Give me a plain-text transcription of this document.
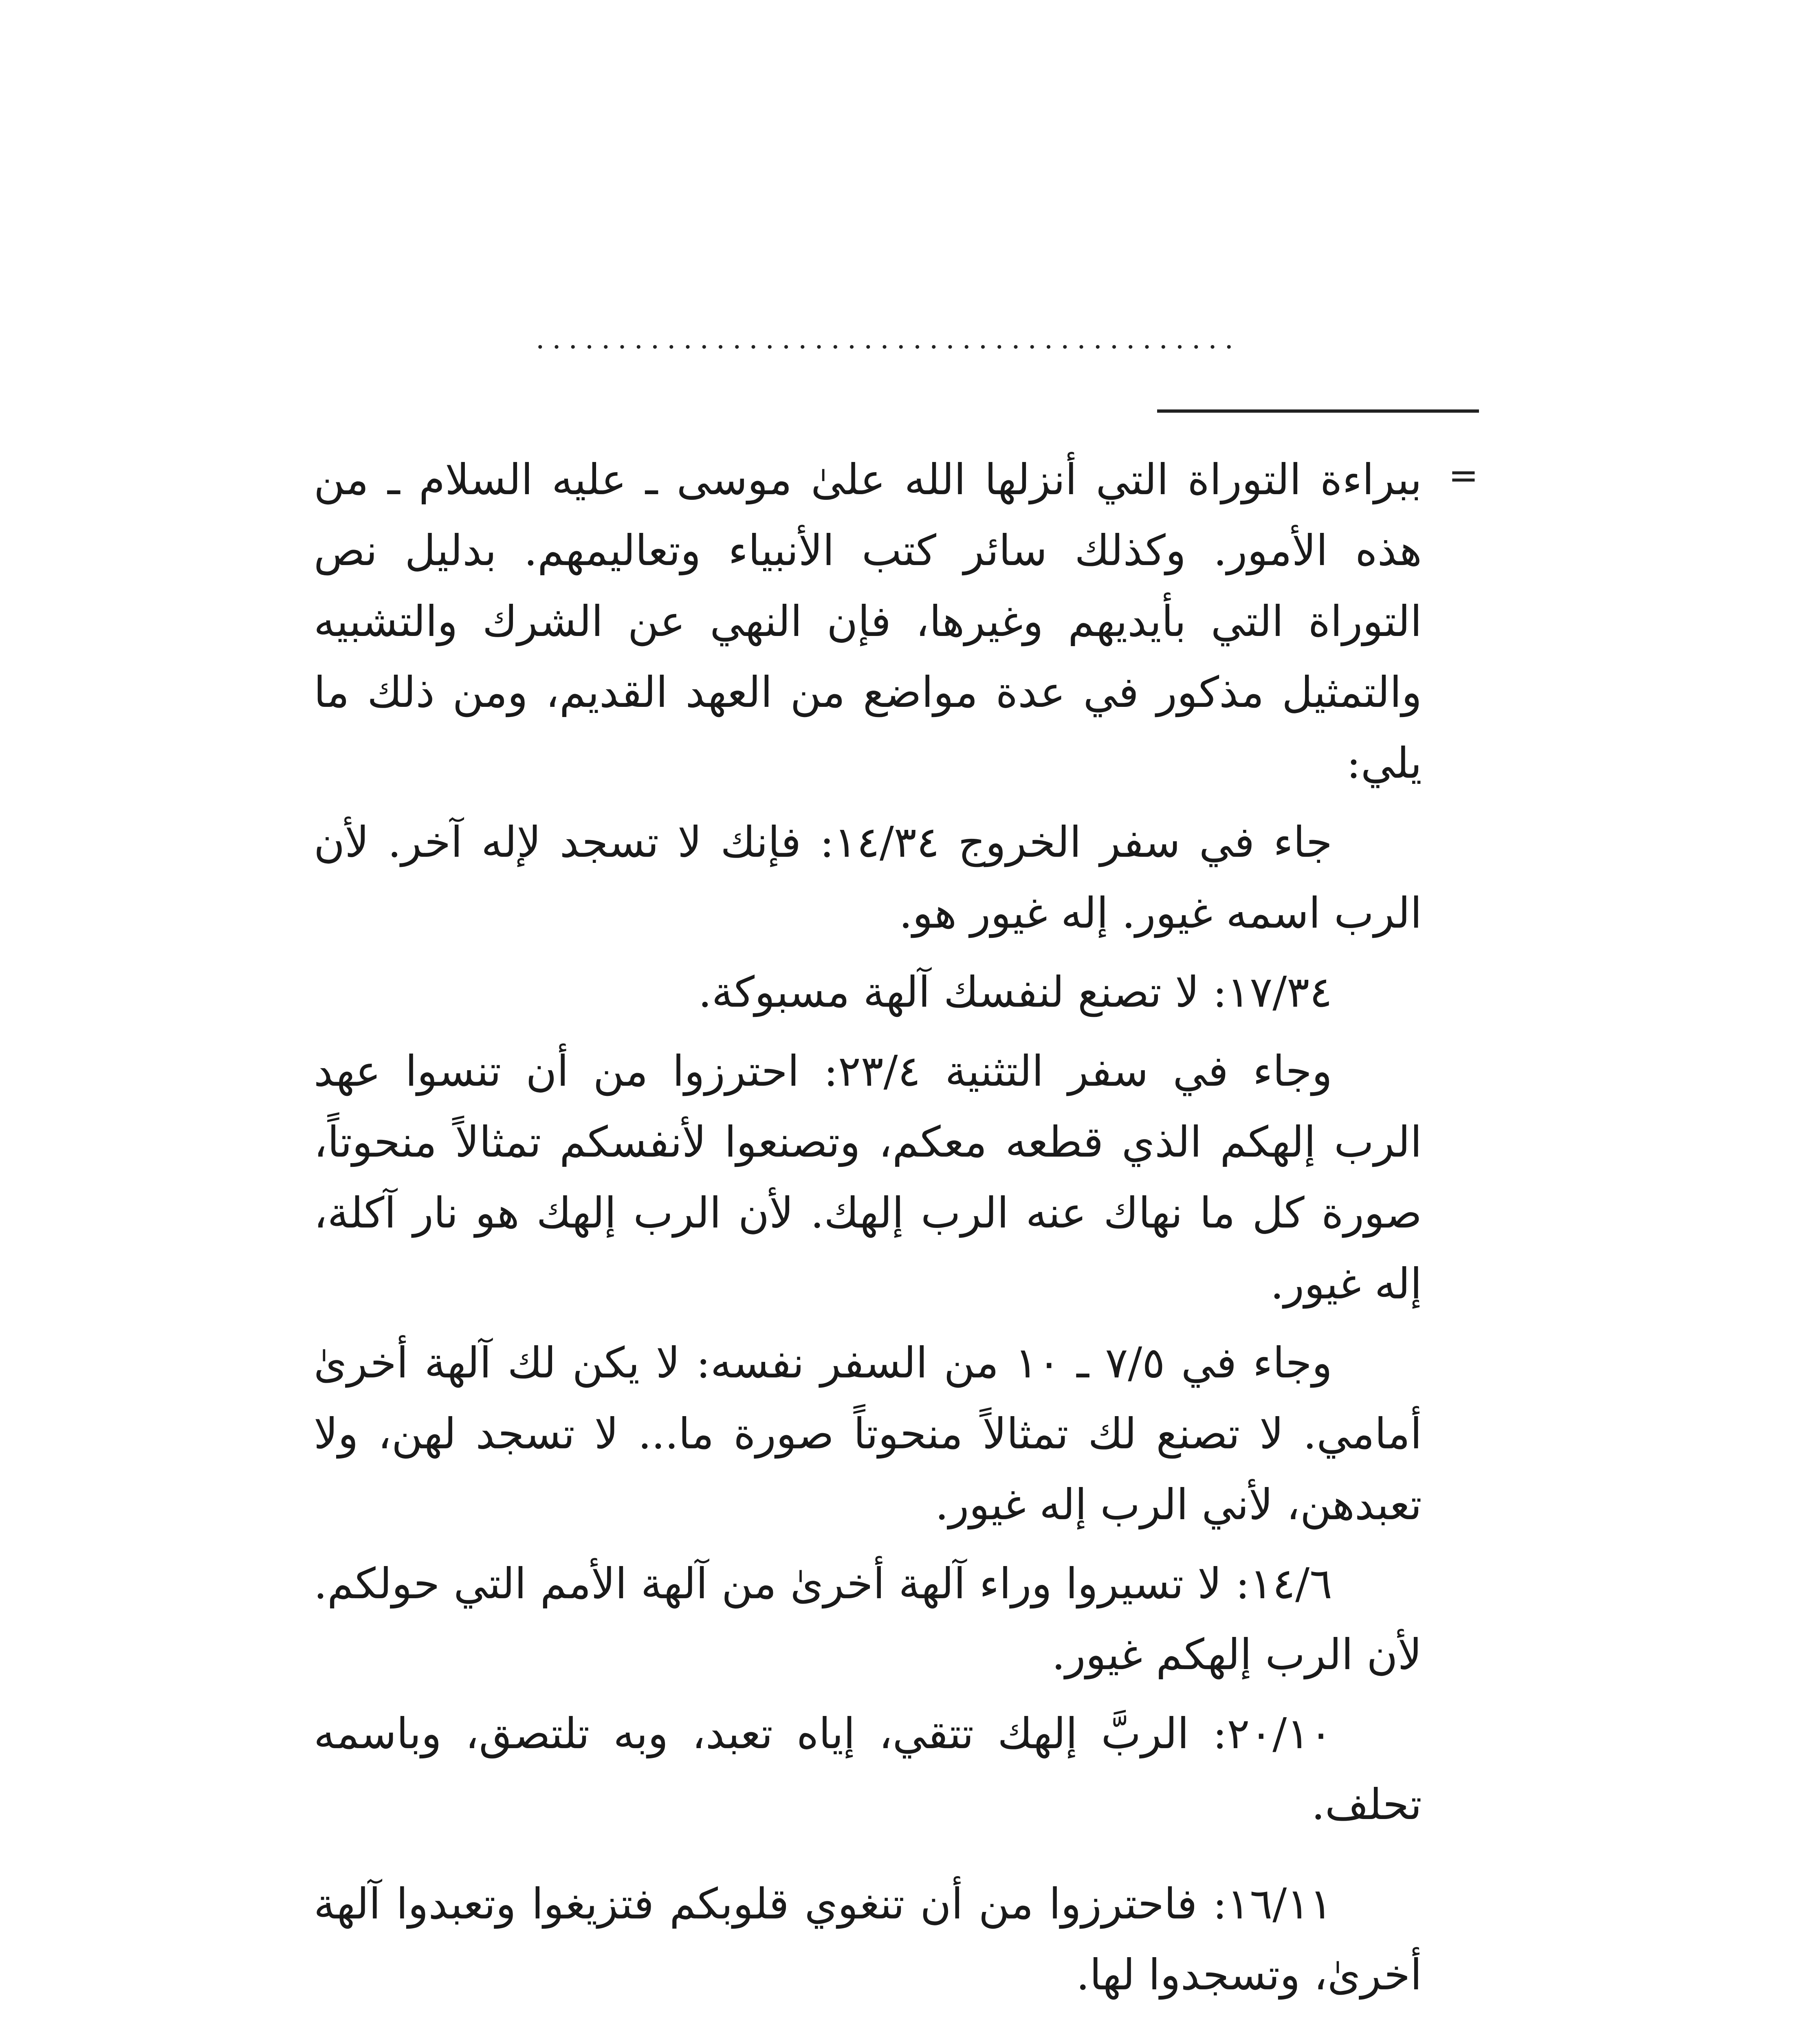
...........................................
=

ببراءة التوراة التي أنزلها الله علىٰ موسى ـ عليه السلام ـ من هذه الأمور. وكذلك سائر كتب الأنبياء وتعاليمهم. بدليل نص التوراة التي بأيديهم وغيرها، فإن النهي عن الشرك والتشبيه والتمثيل مذكور في عدة مواضع من العهد القديم، ومن ذلك ما يلي:

جاء في سفر الخروج ١٤/٣٤: فإنك لا تسجد لإله آخر. لأن الرب اسمه غيور. إله غيور هو.

١٧/٣٤: لا تصنع لنفسك آلهة مسبوكة.

وجاء في سفر التثنية ٢٣/٤: احترزوا من أن تنسوا عهد الرب إلهكم الذي قطعه معكم، وتصنعوا لأنفسكم تمثالاً منحوتاً، صورة كل ما نهاك عنه الرب إلهك. لأن الرب إلهك هو نار آكلة، إله غيور.

وجاء في ٧/٥ ـ ١٠ من السفر نفسه: لا يكن لك آلهة أخرىٰ أمامي. لا تصنع لك تمثالاً منحوتاً صورة ما... لا تسجد لهن، ولا تعبدهن، لأني الرب إله غيور.

١٤/٦: لا تسيروا وراء آلهة أخرىٰ من آلهة الأمم التي حولكم. لأن الرب إلهكم غيور.

٢٠/١٠: الربَّ إلهك تتقي، إياه تعبد، وبه تلتصق، وباسمه تحلف.

١٦/١١: فاحترزوا من أن تنغوي قلوبكم فتزيغوا وتعبدوا آلهة أخرىٰ، وتسجدوا لها.
